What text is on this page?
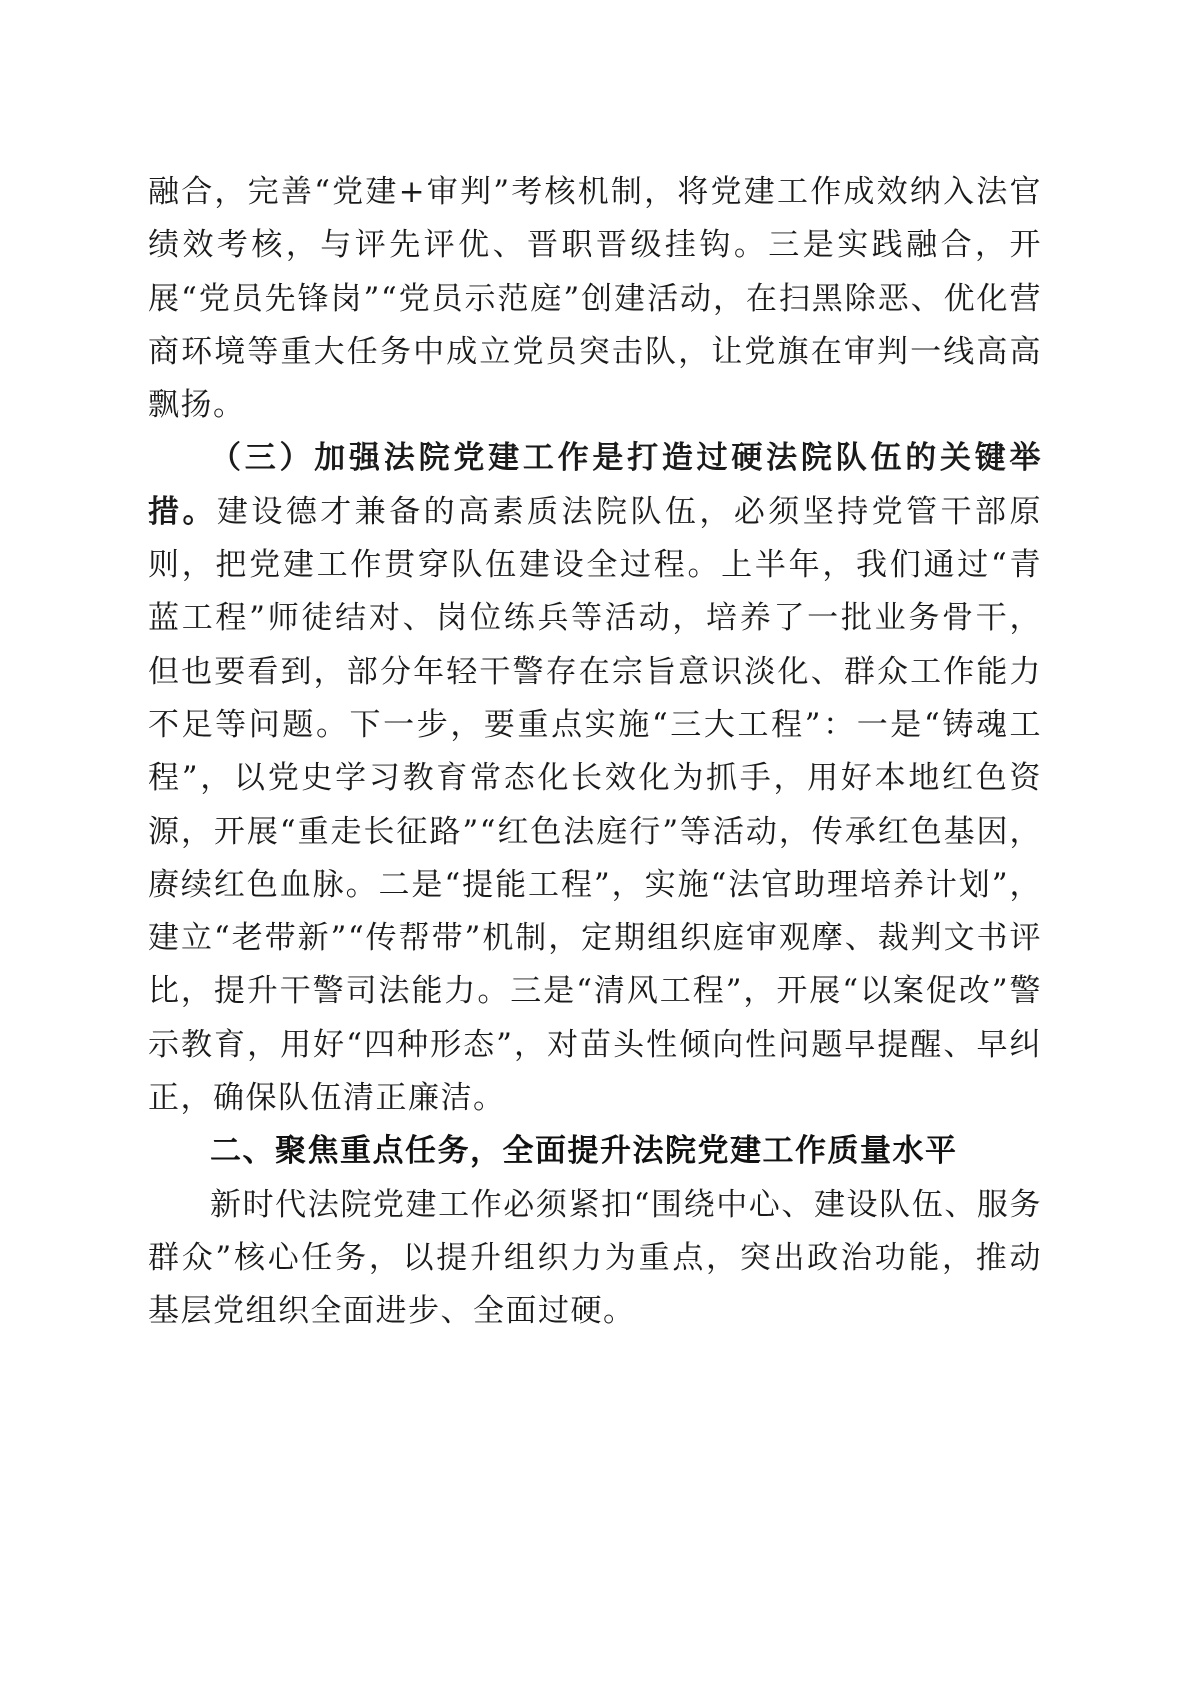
融合，完善“党建+审判”考核机制，将党建工作成效纳入法官绩效考核，与评先评优、晋职晋级挂钩。三是实践融合，开展“党员先锋岗”“党员示范庭”创建活动，在扫黑除恶、优化营商环境等重大任务中成立党员突击队，让党旗在审判一线高高飘扬。

（三）加强法院党建工作是打造过硬法院队伍的关键举措。建设德才兼备的高素质法院队伍，必须坚持党管干部原则，把党建工作贯穿队伍建设全过程。上半年，我们通过“青蓝工程”师徒结对、岗位练兵等活动，培养了一批业务骨干，但也要看到，部分年轻干警存在宗旨意识淡化、群众工作能力不足等问题。下一步，要重点实施“三大工程”：一是“铸魂工程”，以党史学习教育常态化长效化为抓手，用好本地红色资源，开展“重走长征路”“红色法庭行”等活动，传承红色基因，赓续红色血脉。二是“提能工程”，实施“法官助理培养计划”，建立“老带新”“传帮带”机制，定期组织庭审观摩、裁判文书评比，提升干警司法能力。三是“清风工程”，开展“以案促改”警示教育，用好“四种形态”，对苗头性倾向性问题早提醒、早纠正，确保队伍清正廉洁。

二、聚焦重点任务，全面提升法院党建工作质量水平

新时代法院党建工作必须紧扣“围绕中心、建设队伍、服务群众”核心任务，以提升组织力为重点，突出政治功能，推动基层党组织全面进步、全面过硬。
